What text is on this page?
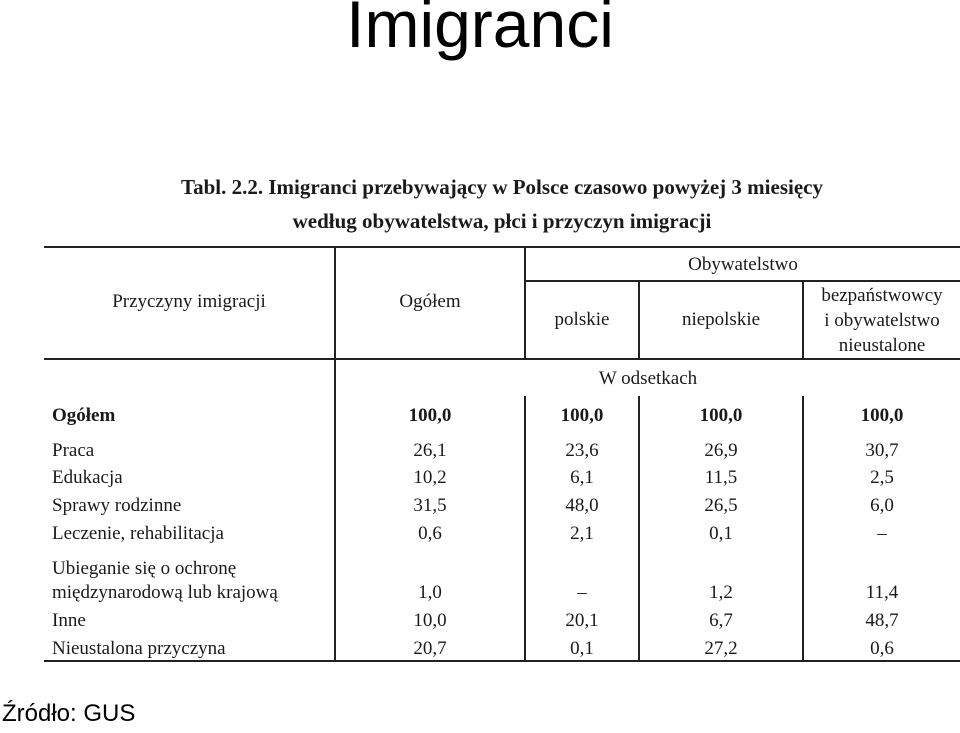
Imigranci
Tabl. 2.2. Imigranci przebywający w Polsce czasowo powyżej 3 miesięcy
według obywatelstwa, płci i przyczyn imigracji
Przyczyny imigracji	Ogółem
Obywatelstwo
polskie	niepolskie
bezpaństwowcy
i obywatelstwo
nieustalone
W odsetkach
Ogółem	100,0	100,0	100,0	100,0
Praca	26,1	23,6	26,9	30,7
Edukacja	10,2	6,1	11,5	2,5
Sprawy rodzinne	31,5	48,0	26,5	6,0
Leczenie, rehabilitacja	0,6	2,1	0,1	–
Ubieganie się o ochronę
międzynarodową lub krajową	1,0	–	1,2	11,4
Inne	10,0	20,1	6,7	48,7
Nieustalona przyczyna	20,7	0,1	27,2	0,6
Źródło: GUS
